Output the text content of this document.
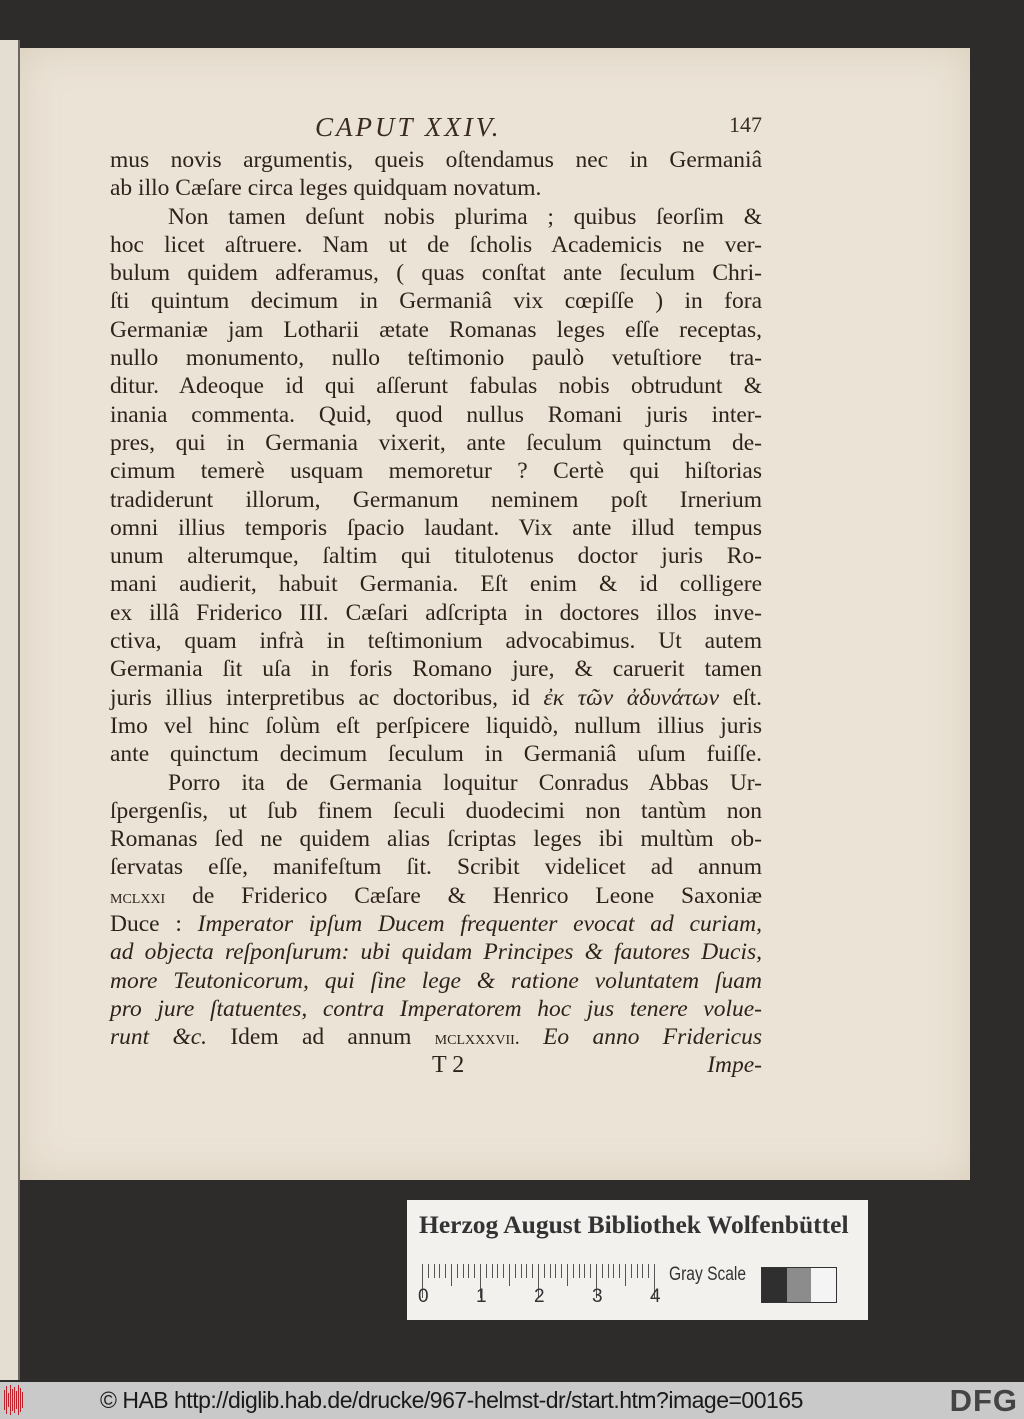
CAPUT XXIV.	147
mus novis argumentis, queis oſtendamus nec in Germaniâ
ab illo Cæſare circa leges quidquam novatum.
Non tamen deſunt nobis plurima ; quibus ſeorſim &
hoc licet aſtruere. Nam ut de ſcholis Academicis ne ver-
bulum quidem adferamus, ( quas conſtat ante ſeculum Chri-
ſti quintum decimum in Germaniâ vix cœpiſſe ) in fora
Germaniæ jam Lotharii ætate Romanas leges eſſe receptas,
nullo monumento, nullo teſtimonio paulò vetuſtiore tra-
ditur. Adeoque id qui aſſerunt fabulas nobis obtrudunt &
inania commenta. Quid, quod nullus Romani juris inter-
pres, qui in Germania vixerit, ante ſeculum quinctum de-
cimum temerè usquam memoretur ? Certè qui hiſtorias
tradiderunt illorum, Germanum neminem poſt Irnerium
omni illius temporis ſpacio laudant. Vix ante illud tempus
unum alterumque, ſaltim qui titulotenus doctor juris Ro-
mani audierit, habuit Germania. Eſt enim & id colligere
ex illâ Friderico III. Cæſari adſcripta in doctores illos inve-
ctiva, quam infrà in teſtimonium advocabimus. Ut autem
Germania ſit uſa in foris Romano jure, & caruerit tamen
juris illius interpretibus ac doctoribus, id ἐκ τῶν ἀδυνάτων eſt.
Imo vel hinc ſolùm eſt perſpicere liquidò, nullum illius juris
ante quinctum decimum ſeculum in Germaniâ uſum fuiſſe.
Porro ita de Germania loquitur Conradus Abbas Ur-
ſpergenſis, ut ſub finem ſeculi duodecimi non tantùm non
Romanas ſed ne quidem alias ſcriptas leges ibi multùm ob-
ſervatas eſſe, manifeſtum ſit. Scribit videlicet ad annum
mclxxi de Friderico Cæſare & Henrico Leone Saxoniæ
Duce : Imperator ipſum Ducem frequenter evocat ad curiam,
ad objecta reſponſurum: ubi quidam Principes & fautores Ducis,
more Teutonicorum, qui ſine lege & ratione voluntatem ſuam
pro jure ſtatuentes, contra Imperatorem hoc jus tenere volue-
runt &c. Idem ad annum mclxxxvii. Eo anno Fridericus
T 2	Impe-
Herzog August Bibliothek Wolfenbüttel
0 1 2 3 4
Gray Scale
© HAB http://diglib.hab.de/drucke/967-helmst-dr/start.htm?image=00165	DFG
